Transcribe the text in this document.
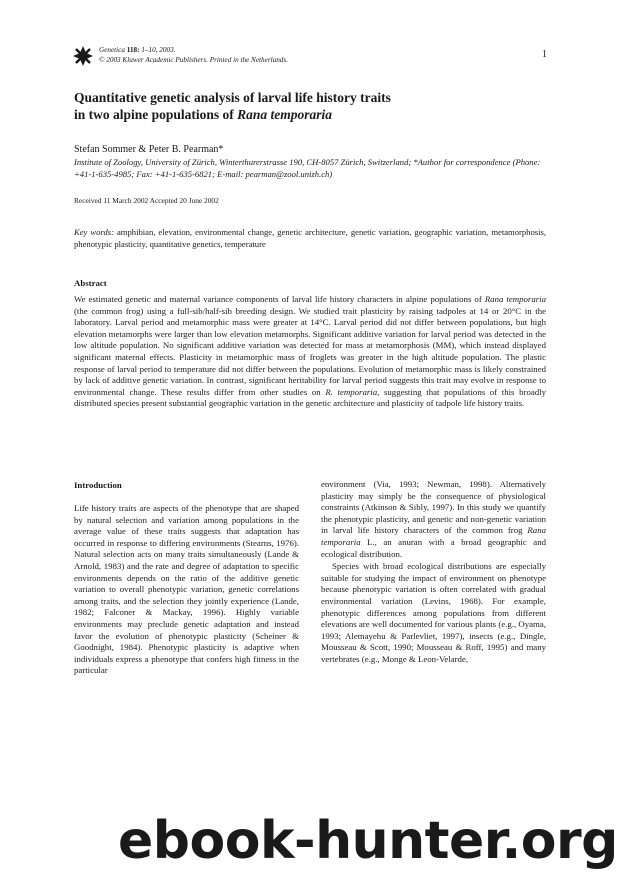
Genetica 118: 1–10, 2003.
© 2003 Kluwer Academic Publishers. Printed in the Netherlands.	1
Quantitative genetic analysis of larval life history traits
in two alpine populations of Rana temporaria
Stefan Sommer & Peter B. Pearman*
Institute of Zoology, University of Zürich, Winterthurerstrasse 190, CH-8057 Zürich, Switzerland; *Author for correspondence (Phone: +41-1-635-4985; Fax: +41-1-635-6821; E-mail: pearman@zool.unizh.ch)
Received 11 March 2002 Accepted 20 June 2002
Key words: amphibian, elevation, environmental change, genetic architecture, genetic variation, geographic variation, metamorphosis, phenotypic plasticity, quantitative genetics, temperature
Abstract
We estimated genetic and maternal variance components of larval life history characters in alpine populations of Rana temporaria (the common frog) using a full-sib/half-sib breeding design. We studied trait plasticity by raising tadpoles at 14 or 20°C in the laboratory. Larval period and metamorphic mass were greater at 14°C. Larval period did not differ between populations, but high elevation metamorphs were larger than low elevation metamorphs. Significant additive variation for larval period was detected in the low altitude population. No significant additive variation was detected for mass at metamorphosis (MM), which instead displayed significant maternal effects. Plasticity in metamorphic mass of froglets was greater in the high altitude population. The plastic response of larval period to temperature did not differ between the populations. Evolution of metamorphic mass is likely constrained by lack of additive genetic variation. In contrast, significant heritability for larval period suggests this trait may evolve in response to environmental change. These results differ from other studies on R. temporaria, suggesting that populations of this broadly distributed species present substantial geographic variation in the genetic architecture and plasticity of tadpole life history traits.
Introduction

Life history traits are aspects of the phenotype that are shaped by natural selection and variation among populations in the average value of these traits suggests that adaptation has occurred in response to differing environments (Stearns, 1976). Natural selection acts on many traits simultaneously (Lande & Arnold, 1983) and the rate and degree of adaptation to specific environments depends on the ratio of the additive genetic variation to overall phenotypic variation, genetic correlations among traits, and the selection they jointly experience (Lande, 1982; Falconer & Mackay, 1996). Highly variable environments may preclude genetic adaptation and instead favor the evolution of phenotypic plasticity (Scheiner & Goodnight, 1984). Phenotypic plasticity is adaptive when individuals express a phenotype that confers high fitness in the particular

environment (Via, 1993; Newman, 1998). Alternatively plasticity may simply be the consequence of physiological constraints (Atkinson & Sibly, 1997). In this study we quantify the phenotypic plasticity, and genetic and non-genetic variation in larval life history characters of the common frog Rana temporaria L., an anuran with a broad geographic and ecological distribution.

Species with broad ecological distributions are especially suitable for studying the impact of environment on phenotype because phenotypic variation is often correlated with gradual environmental variation (Levins, 1968). For example, phenotypic differences among populations from different elevations are well documented for various plants (e.g., Oyama, 1993; Alemayehu & Parlevliet, 1997), insects (e.g., Dingle, Mousseau & Scott, 1990; Mousseau & Roff, 1995) and many vertebrates (e.g., Monge & Leon-Velarde,

ebook-hunter.org
